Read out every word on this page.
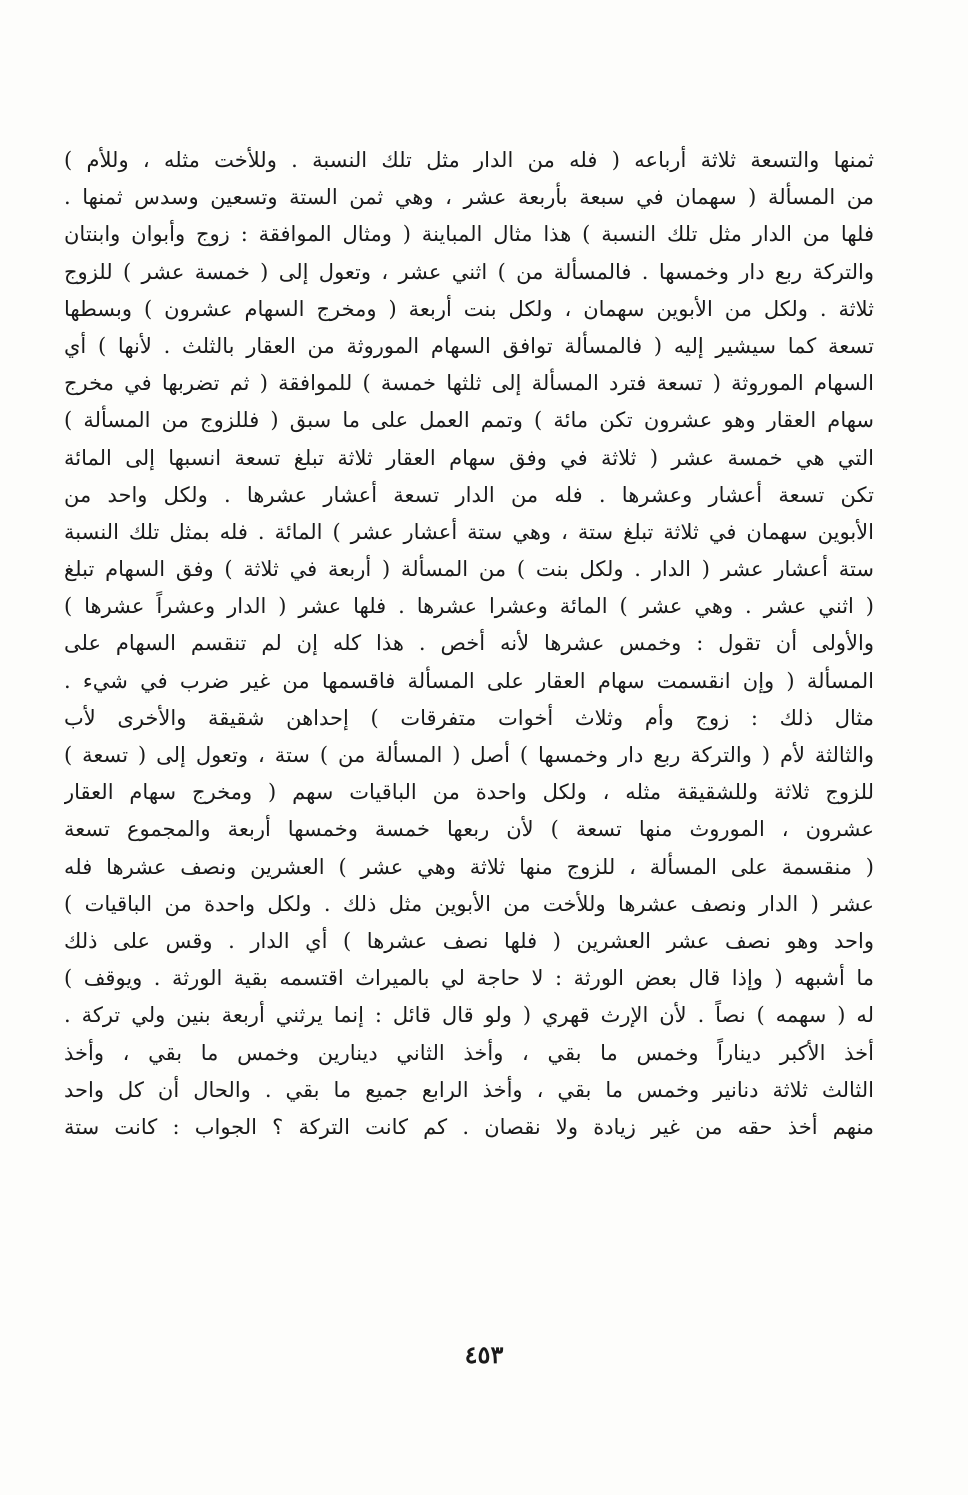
ثمنها والتسعة ثلاثة أرباعه ( فله من الدار مثل تلك النسبة . وللأخت مثله ، وللأم )
من المسألة ( سهمان في سبعة بأربعة عشر ، وهي ثمن الستة وتسعين وسدس ثمنها .
فلها من الدار مثل تلك النسبة ) هذا مثال المباينة ( ومثال الموافقة : زوج وأبوان وابنتان
والتركة ربع دار وخمسها . فالمسألة من ) اثني عشر ، وتعول إلى ( خمسة عشر ) للزوج
ثلاثة . ولكل من الأبوين سهمان ، ولكل بنت أربعة ( ومخرج السهام عشرون ) وبسطها
تسعة كما سيشير إليه ( فالمسألة توافق السهام الموروثة من العقار بالثلث . لأنها ) أي
السهام الموروثة ( تسعة فترد المسألة إلى ثلثها خمسة ) للموافقة ( ثم تضربها في مخرج
سهام العقار وهو عشرون تكن مائة ) وتمم العمل على ما سبق ( فللزوج من المسألة )
التي هي خمسة عشر ( ثلاثة في وفق سهام العقار ثلاثة تبلغ تسعة انسبها إلى المائة
تكن تسعة أعشار وعشرها . فله من الدار تسعة أعشار عشرها . ولكل واحد من
الأبوين سهمان في ثلاثة تبلغ ستة ، وهي ستة أعشار عشر ) المائة . فله بمثل تلك النسبة
ستة أعشار عشر ( الدار . ولكل بنت ) من المسألة ( أربعة في ثلاثة ) وفق السهام تبلغ
( اثني عشر . وهي عشر ) المائة وعشرا عشرها . فلها عشر ( الدار وعشراً عشرها )
والأولى أن تقول : وخمس عشرها لأنه أخص . هذا كله إن لم تنقسم السهام على
المسألة ( وإن انقسمت سهام العقار على المسألة فاقسمها من غير ضرب في شيء .
مثال ذلك : زوج وأم وثلاث أخوات متفرقات ) إحداهن شقيقة والأخرى لأب
والثالثة لأم ( والتركة ربع دار وخمسها ) أصل ( المسألة من ) ستة ، وتعول إلى ( تسعة )
للزوج ثلاثة وللشقيقة مثله ، ولكل واحدة من الباقيات سهم ( ومخرج سهام العقار
عشرون ، الموروث منها تسعة ) لأن ربعها خمسة وخمسها أربعة والمجموع تسعة
( منقسمة على المسألة ، للزوج منها ثلاثة وهي عشر ) العشرين ونصف عشرها فله
عشر ( الدار ونصف عشرها وللأخت من الأبوين مثل ذلك . ولكل واحدة من الباقيات )
واحد وهو نصف عشر العشرين ( فلها نصف عشرها ) أي الدار . وقس على ذلك
ما أشبهه ( وإذا قال بعض الورثة : لا حاجة لي بالميراث اقتسمه بقية الورثة . ويوقف )
له ( سهمه ) نصاً . لأن الإرث قهري ( ولو قال قائل : إنما يرثني أربعة بنين ولي تركة .
أخذ الأكبر ديناراً وخمس ما بقي ، وأخذ الثاني دينارين وخمس ما بقي ، وأخذ
الثالث ثلاثة دنانير وخمس ما بقي ، وأخذ الرابع جميع ما بقي . والحال أن كل واحد
منهم أخذ حقه من غير زيادة ولا نقصان . كم كانت التركة ؟ الجواب : كانت ستة
٤٥٣
